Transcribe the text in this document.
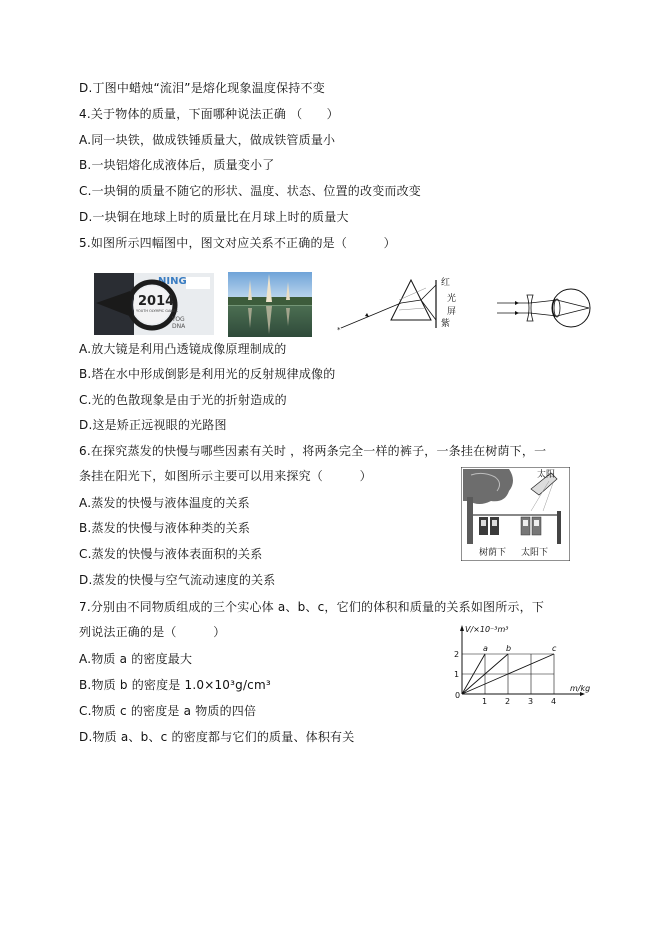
D.丁图中蜡烛“流泪”是熔化现象温度保持不变
4.关于物体的质量，下面哪种说法正确 （　　）
A.同一块铁，做成铁锤质量大，做成铁管质量小
B.一块铝熔化成液体后，质量变小了
C.一块铜的质量不随它的形状、温度、状态、位置的改变而改变
D.一块铜在地球上时的质量比在月球上时的质量大
5.如图所示四幅图中，图文对应关系不正确的是（　　　）
NING
2014
YOUTH OLYMPIC GAMES
YOG
DNA	*
红
光
屏
紫
A.放大镜是利用凸透镜成像原理制成的
B.塔在水中形成倒影是利用光的反射规律成像的
C.光的色散现象是由于光的折射造成的
D.这是矫正远视眼的光路图
6.在探究蒸发的快慢与哪些因素有关时 ，将两条完全一样的裤子，一条挂在树荫下，一
条挂在阳光下，如图所示主要可以用来探究（　　　）	太阳
树荫下 太阳下
A.蒸发的快慢与液体温度的关系
B.蒸发的快慢与液体种类的关系
C.蒸发的快慢与液体表面积的关系
D.蒸发的快慢与空气流动速度的关系
7.分别由不同物质组成的三个实心体 a、b、c，它们的体积和质量的关系如图所示，下
列说法正确的是（　　　）	V/×10⁻³m³
m/kg
0
a b	c
1 2 3 4
1
2
A.物质 a 的密度最大
B.物质 b 的密度是 1.0×10³g/cm³
C.物质 c 的密度是 a 物质的四倍
D.物质 a、b、c 的密度都与它们的质量、体积有关
